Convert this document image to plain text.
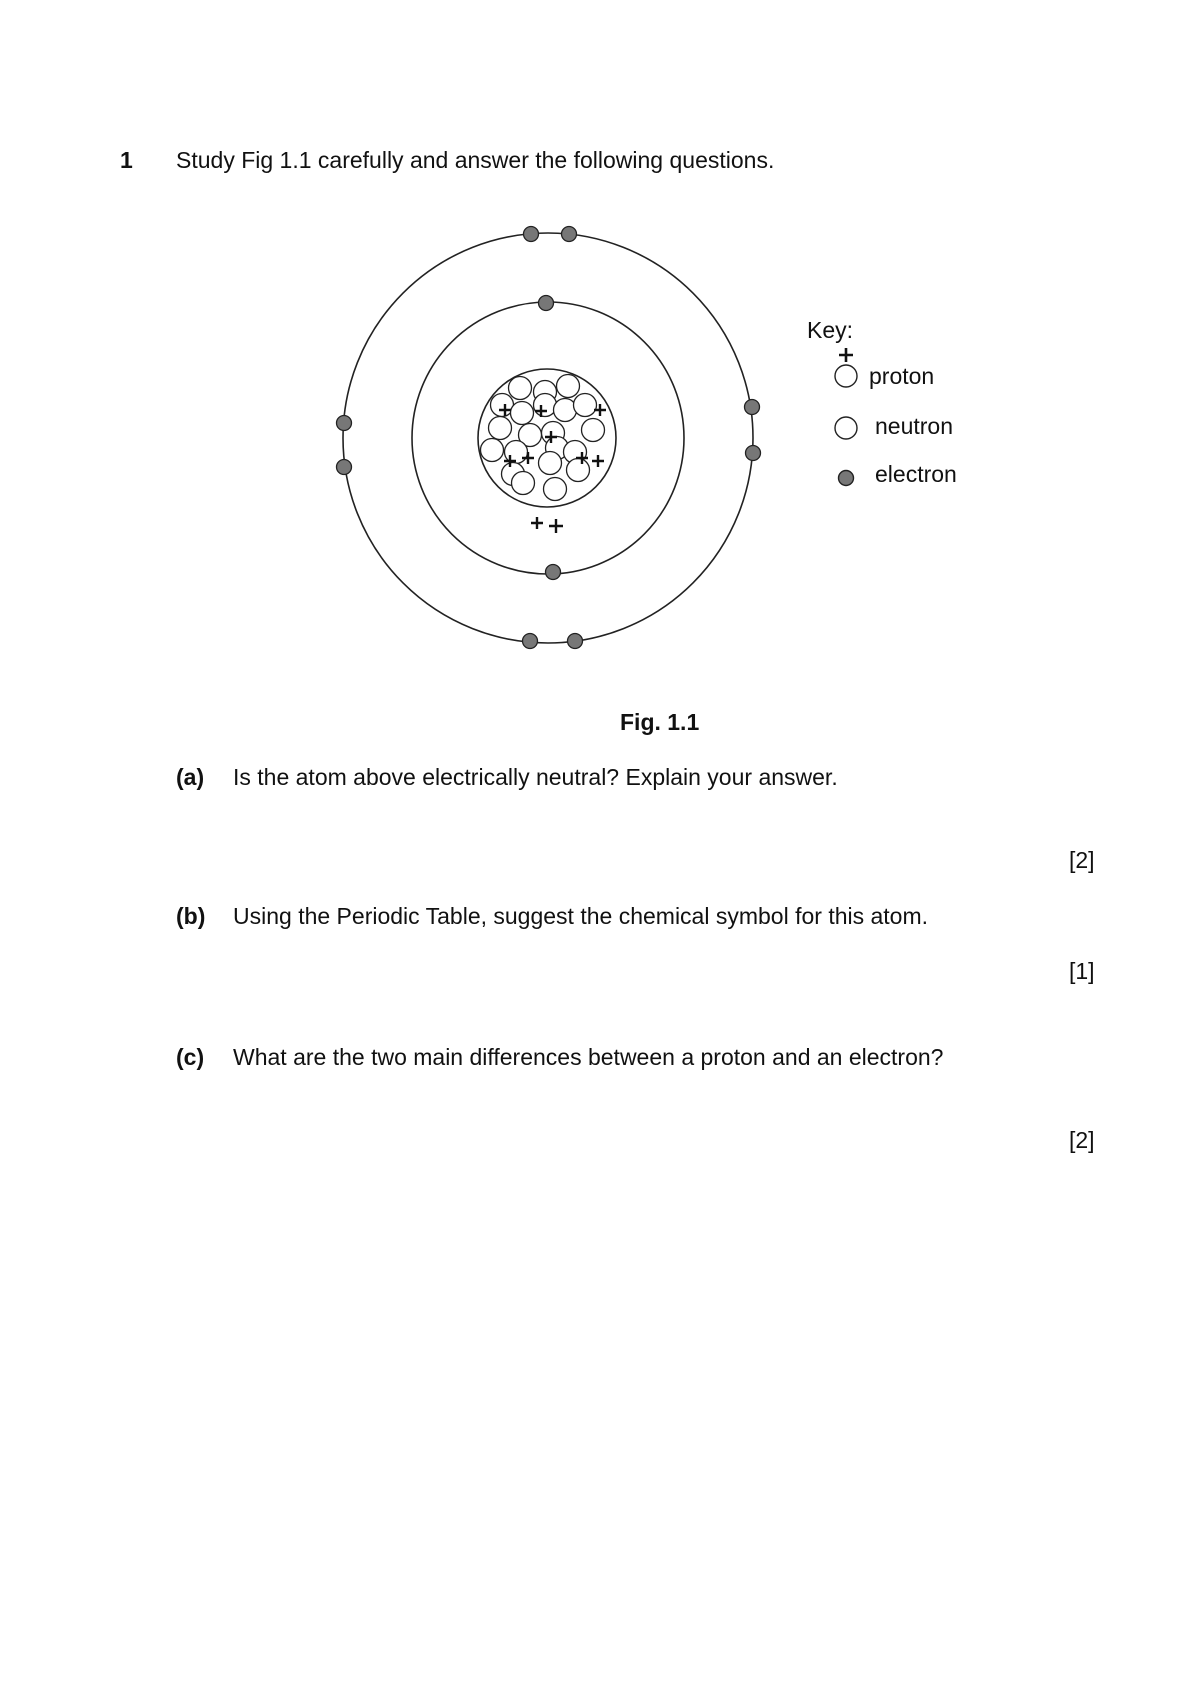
1 Study Fig 1.1 carefully and answer the following questions.
Key:
proton
neutron
electron
Fig. 1.1
(a) Is the atom above electrically neutral? Explain your answer.
[2]
(b) Using the Periodic Table, suggest the chemical symbol for this atom.
[1]
(c) What are the two main differences between a proton and an electron?
[2]
